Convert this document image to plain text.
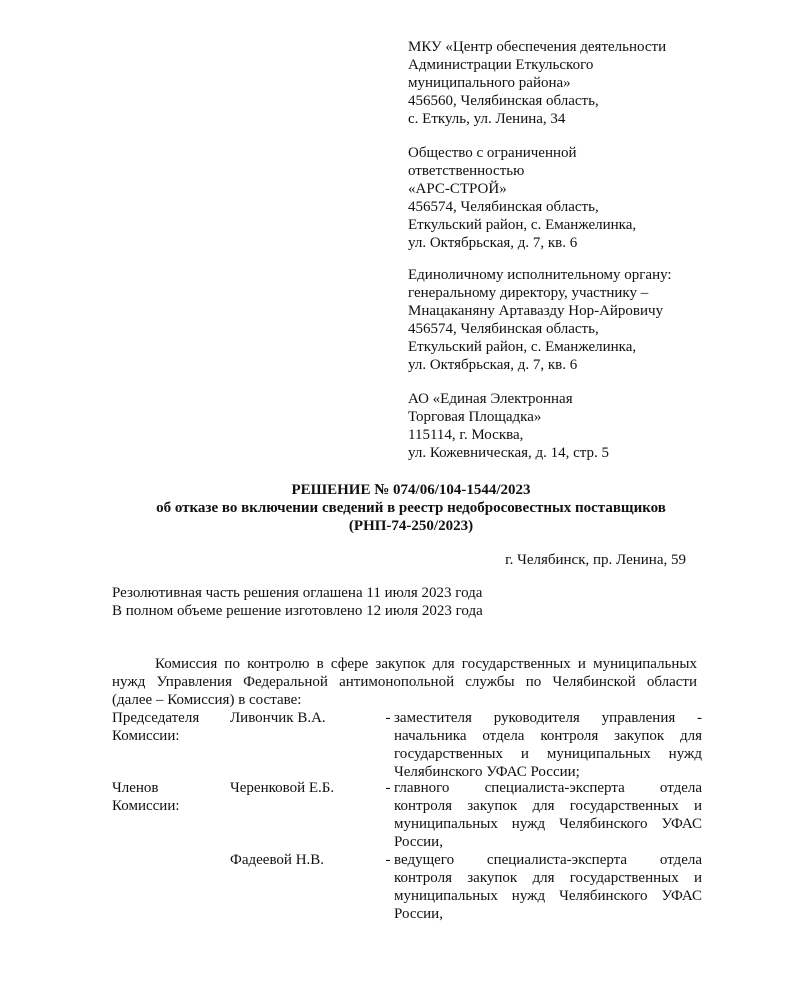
МКУ «Центр обеспечения деятельности
Администрации Еткульского
муниципального района»
456560, Челябинская область,
с. Еткуль, ул. Ленина, 34
Общество с ограниченной
ответственностью
«АРС-СТРОЙ»
456574, Челябинская область,
Еткульский район, с. Еманжелинка,
ул. Октябрьская, д. 7, кв. 6
Единоличному исполнительному органу:
генеральному директору, участнику –
Мнацаканяну Артавазду Нор-Айровичу
456574, Челябинская область,
Еткульский район, с. Еманжелинка,
ул. Октябрьская, д. 7, кв. 6
АО «Единая Электронная
Торговая Площадка»
115114, г. Москва,
ул. Кожевническая, д. 14, стр. 5
РЕШЕНИЕ № 074/06/104-1544/2023
об отказе во включении сведений в реестр недобросовестных поставщиков
(РНП-74-250/2023)
г. Челябинск, пр. Ленина, 59
Резолютивная часть решения оглашена 11 июля 2023 года
В полном объеме решение изготовлено 12 июля 2023 года
Комиссия по контролю в сфере закупок для государственных и муниципальных
нужд Управления Федеральной антимонопольной службы по Челябинской области
(далее – Комиссия) в составе:
Председателя
Комиссии:
Ливончик В.А.	- заместителя руководителя управления -
начальника отдела контроля закупок для
государственных и муниципальных нужд
Челябинского УФАС России;
Членов
Комиссии:
Черенковой Е.Б.	- главного специалиста-эксперта отдела
контроля закупок для государственных и
муниципальных нужд Челябинского УФАС
России,
Фадеевой Н.В.	- ведущего специалиста-эксперта отдела
контроля закупок для государственных и
муниципальных нужд Челябинского УФАС
России,
